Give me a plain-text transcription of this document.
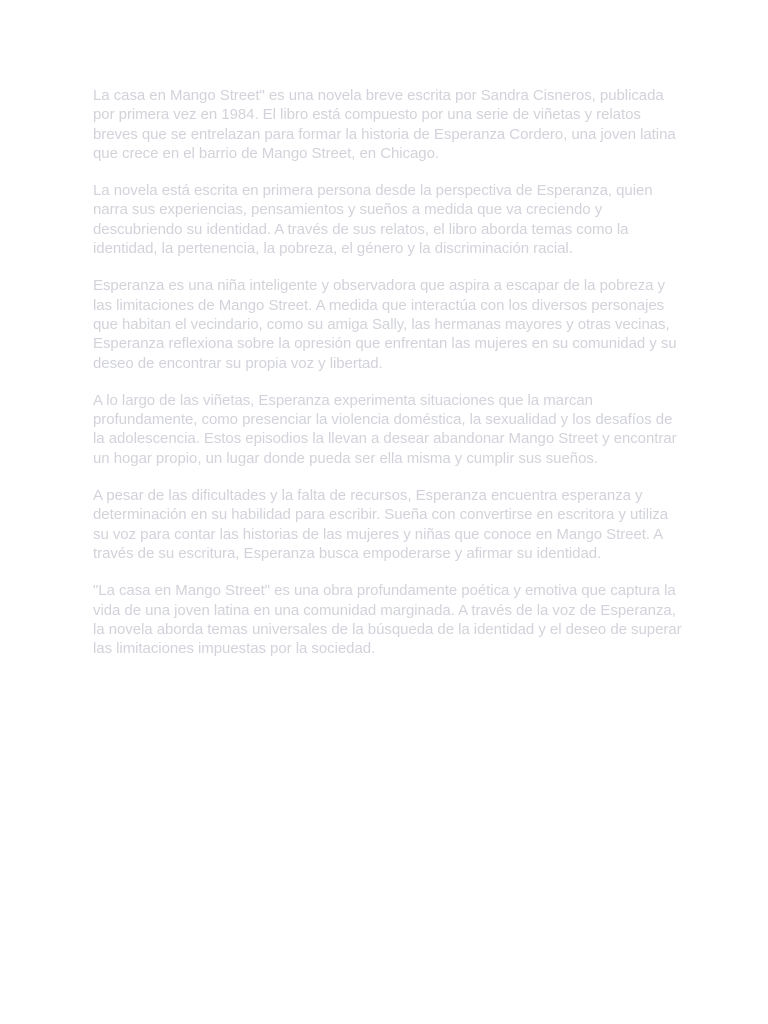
La casa en Mango Street" es una novela breve escrita por Sandra Cisneros, publicada por primera vez en 1984. El libro está compuesto por una serie de viñetas y relatos breves que se entrelazan para formar la historia de Esperanza Cordero, una joven latina que crece en el barrio de Mango Street, en Chicago.

La novela está escrita en primera persona desde la perspectiva de Esperanza, quien narra sus experiencias, pensamientos y sueños a medida que va creciendo y descubriendo su identidad. A través de sus relatos, el libro aborda temas como la identidad, la pertenencia, la pobreza, el género y la discriminación racial.

Esperanza es una niña inteligente y observadora que aspira a escapar de la pobreza y las limitaciones de Mango Street. A medida que interactúa con los diversos personajes que habitan el vecindario, como su amiga Sally, las hermanas mayores y otras vecinas, Esperanza reflexiona sobre la opresión que enfrentan las mujeres en su comunidad y su deseo de encontrar su propia voz y libertad.

A lo largo de las viñetas, Esperanza experimenta situaciones que la marcan profundamente, como presenciar la violencia doméstica, la sexualidad y los desafíos de la adolescencia. Estos episodios la llevan a desear abandonar Mango Street y encontrar un hogar propio, un lugar donde pueda ser ella misma y cumplir sus sueños.

A pesar de las dificultades y la falta de recursos, Esperanza encuentra esperanza y determinación en su habilidad para escribir. Sueña con convertirse en escritora y utiliza su voz para contar las historias de las mujeres y niñas que conoce en Mango Street. A través de su escritura, Esperanza busca empoderarse y afirmar su identidad.

"La casa en Mango Street" es una obra profundamente poética y emotiva que captura la vida de una joven latina en una comunidad marginada. A través de la voz de Esperanza, la novela aborda temas universales de la búsqueda de la identidad y el deseo de superar las limitaciones impuestas por la sociedad.
